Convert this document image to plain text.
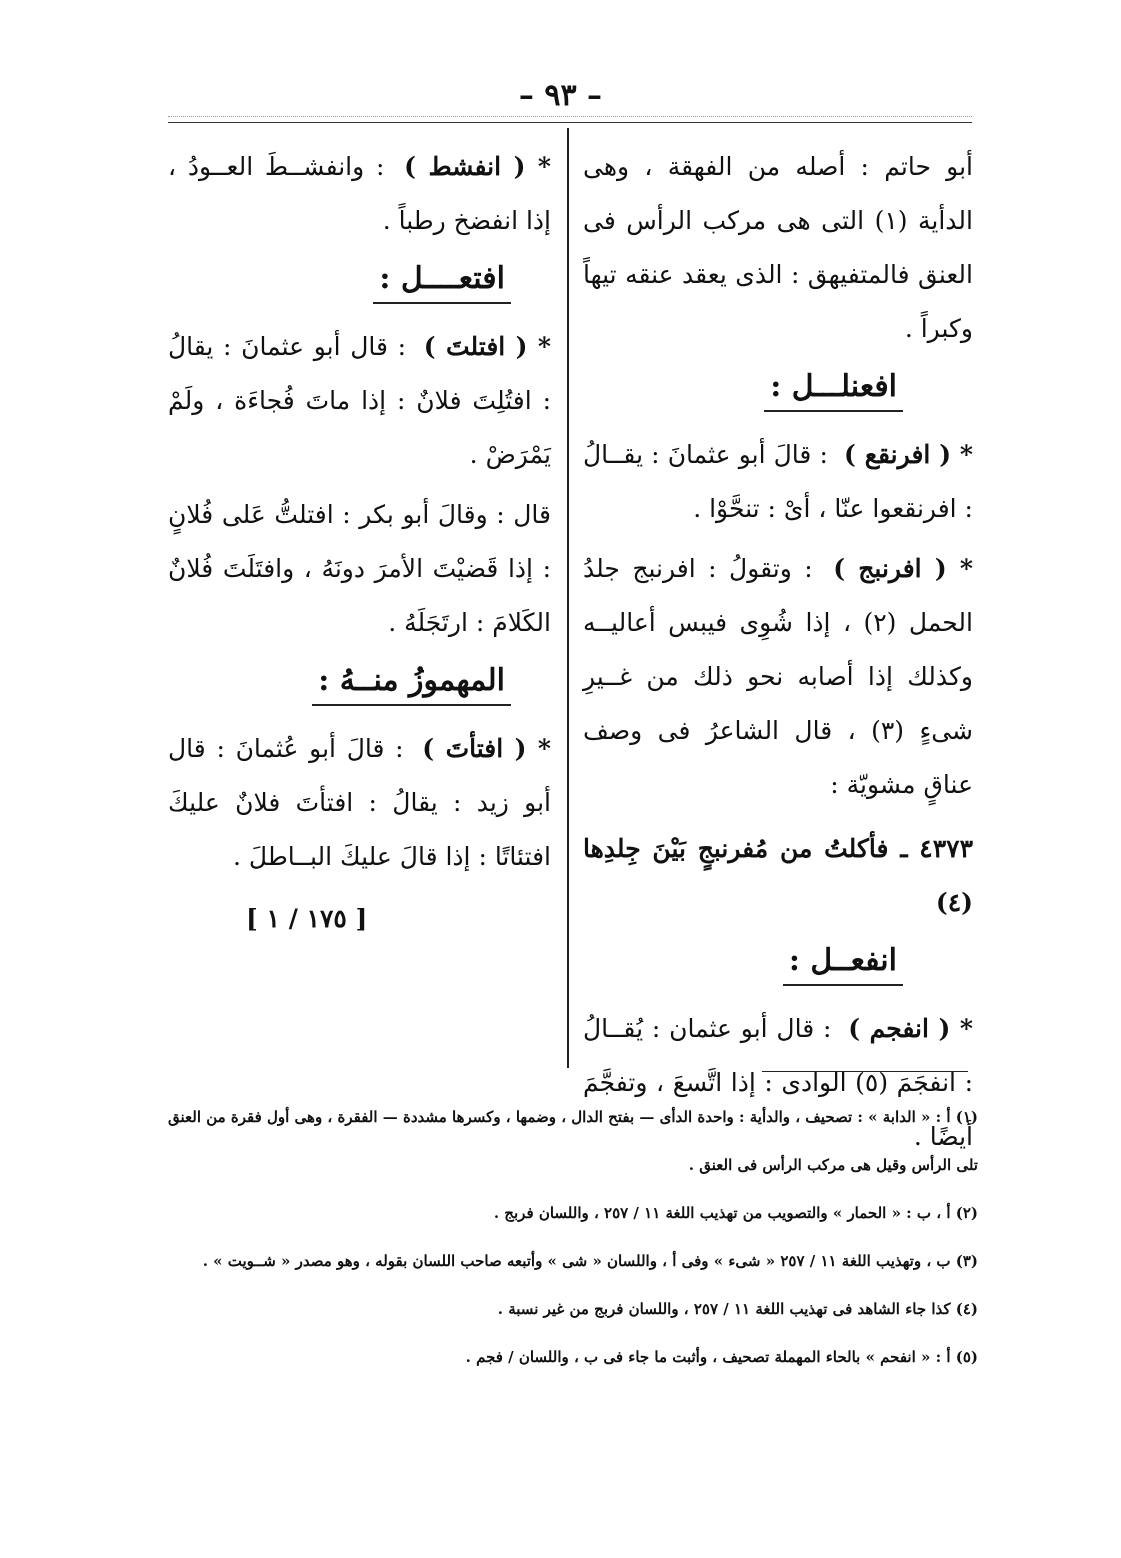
– ٩٣ –

أبو حاتم : أصله من الفهقة ، وهى الدأية (١) التى هى مركب الرأس فى العنق فالمتفيهق : الذى يعقد عنقه تيهاً وكبراً .

افعنلـــل :

* ( افرنقع ) : قالَ أبو عثمانَ : يقــالُ : افرنقعوا عنّا ، أىْ : تنحَّوْا .

* ( افرنبج ) : وتقولُ : افرنبج جلدُ الحمل (٢) ، إذا شُوِى فيبس أعاليــه وكذلك إذا أصابه نحو ذلك من غــيرِ شىءٍ (٣) ، قال الشاعرُ فى وصف عناقٍ مشويّة :

٤٣٧٣ ـ فأكلتُ من مُفرنبجٍ بَيْنَ جِلدِها (٤)

انفعــل :

* ( انفجم ) : قال أبو عثمان : يُقــالُ : انفجَمَ (٥) الوادى : إذا اتَّسعَ ، وتفجَّمَ أيضًا .

* ( انفشط ) : وانفشــطَ العــودُ ، إذا انفضخ رطباً .

افتعــــل :

* ( افتلتَ ) : قال أبو عثمانَ : يقالُ : افتُلِتَ فلانٌ : إذا ماتَ فُجاءَة ، ولَمْ يَمْرَضْ .

قال : وقالَ أبو بكر : افتلتُّ عَلى فُلانٍ : إذا قَضيْتَ الأمرَ دونَهُ ، وافتَلَتَ فُلانٌ الكَلامَ : ارتَجَلَهُ .

المهموزُ منــهُ :

* ( افتأتَ ) : قالَ أبو عُثمانَ : قال أبو زيد : يقالُ : افتأتَ فلانٌ عليكَ افتئاتًا : إذا قالَ عليكَ البــاطلَ .

[ ١٧٥ / ١ ]

(١) أ : « الدابة » : تصحيف ، والدأية : واحدة الدأى — بفتح الدال ، وضمها ، وكسرها مشددة — الفقرة ، وهى أول فقرة من العنق تلى الرأس وقيل هى مركب الرأس فى العنق .

(٢) أ ، ب : « الحمار » والتصويب من تهذيب اللغة ١١ / ٢٥٧ ، واللسان فربج .

(٣) ب ، وتهذيب اللغة ١١ / ٢٥٧ « شىء » وفى أ ، واللسان « شى » وأتبعه صاحب اللسان بقوله ، وهو مصدر « شــويت » .

(٤) كذا جاء الشاهد فى تهذيب اللغة ١١ / ٢٥٧ ، واللسان فربج من غير نسبة .

(٥) أ : « انفحم » بالحاء المهملة تصحيف ، وأثبت ما جاء فى ب ، واللسان / فجم .
